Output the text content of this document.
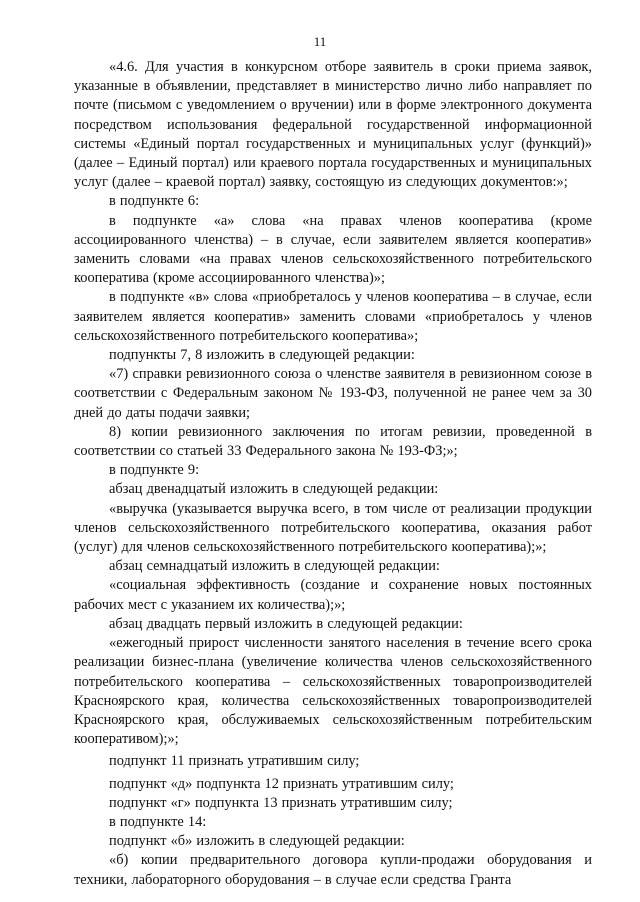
11

«4.6. Для участия в конкурсном отборе заявитель в сроки приема заявок, указанные в объявлении, представляет в министерство лично либо направляет по почте (письмом с уведомлением о вручении) или в форме электронного документа посредством использования федеральной государственной информационной системы «Единый портал государственных и муниципальных услуг (функций)» (далее – Единый портал) или краевого портала государственных и муниципальных услуг (далее – краевой портал) заявку, состоящую из следующих документов:»;

в подпункте 6:

в подпункте «а» слова «на правах членов кооператива (кроме ассоциированного членства) – в случае, если заявителем является кооператив» заменить словами «на правах членов сельскохозяйственного потребительского кооператива (кроме ассоциированного членства)»;

в подпункте «в» слова «приобреталось у членов кооператива – в случае, если заявителем является кооператив» заменить словами «приобреталось у членов сельскохозяйственного потребительского кооператива»;

подпункты 7, 8 изложить в следующей редакции:

«7) справки ревизионного союза о членстве заявителя в ревизионном союзе в соответствии с Федеральным законом № 193-ФЗ, полученной не ранее чем за 30 дней до даты подачи заявки;

8) копии ревизионного заключения по итогам ревизии, проведенной в соответствии со статьей 33 Федерального закона № 193-ФЗ;»;

в подпункте 9:

абзац двенадцатый изложить в следующей редакции:

«выручка (указывается выручка всего, в том числе от реализации продукции членов сельскохозяйственного потребительского кооператива, оказания работ (услуг) для членов сельскохозяйственного потребительского кооператива);»;

абзац семнадцатый изложить в следующей редакции:

«социальная эффективность (создание и сохранение новых постоянных рабочих мест с указанием их количества);»;

абзац двадцать первый изложить в следующей редакции:

«ежегодный прирост численности занятого населения в течение всего срока реализации бизнес-плана (увеличение количества членов сельскохозяйственного потребительского кооператива – сельскохозяйственных товаропроизводителей Красноярского края, количества сельскохозяйственных товаропроизводителей Красноярского края, обслуживаемых сельскохозяйственным потребительским кооперативом);»;

подпункт 11 признать утратившим силу;

подпункт «д» подпункта 12 признать утратившим силу;

подпункт «г» подпункта 13 признать утратившим силу;

в подпункте 14:

подпункт «б» изложить в следующей редакции:

«б) копии предварительного договора купли-продажи оборудования и техники, лабораторного оборудования – в случае если средства Гранта
